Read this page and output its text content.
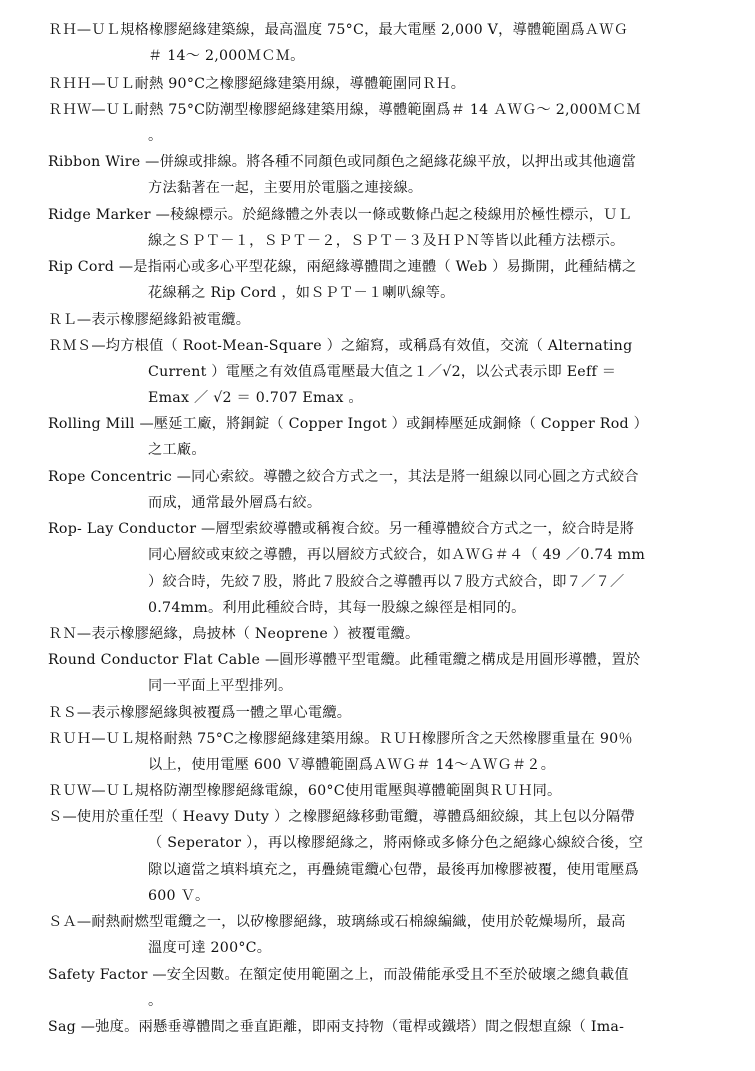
ＲＨ—ＵＬ規格橡膠絕緣建築線，最高溫度 75°C，最大電壓 2,000 V，導體範圍爲ＡＷＧ
＃ 14～ 2,000ＭＣＭ。
ＲＨＨ—ＵＬ耐熱 90°C之橡膠絕緣建築用線，導體範圍同ＲＨ。
ＲＨＷ—ＵＬ耐熱 75°C防潮型橡膠絕緣建築用線，導體範圍爲＃ 14 ＡＷＧ～ 2,000ＭＣＭ
。
Ribbon Wire —併線或排線。將各種不同顏色或同顏色之絕緣花線平放，以押出或其他適當
方法黏著在一起，主要用於電腦之連接線。
Ridge Marker —稜線標示。於絕緣體之外表以一條或數條凸起之稜線用於極性標示，ＵＬ
線之ＳＰＴ－１，ＳＰＴ－２，ＳＰＴ－３及ＨＰＮ等皆以此種方法標示。
Rip Cord —是指兩心或多心平型花線，兩絕緣導體間之連體（ Web ）易撕開，此種結構之
花線稱之 Rip Cord ，如ＳＰＴ－１喇叭線等。
ＲＬ—表示橡膠絕緣鉛被電纜。
ＲＭＳ—均方根值（ Root-Mean-Square ）之縮寫，或稱爲有效值，交流（ Alternating
Current ）電壓之有效值爲電壓最大值之１／√2，以公式表示即 Eeff ＝
Emax ／ √2 ＝ 0.707 Emax 。
Rolling Mill —壓延工廠，將銅錠（ Copper Ingot ）或銅棒壓延成銅條（ Copper Rod ）
之工廠。
Rope Concentric —同心索絞。導體之絞合方式之一，其法是將一組線以同心圓之方式絞合
而成，通常最外層爲右絞。
Rop- Lay Conductor —層型索絞導體或稱複合絞。另一種導體絞合方式之一，絞合時是將
同心層絞或束絞之導體，再以層絞方式絞合，如ＡＷＧ＃４（ 49 ／0.74 mm
）絞合時，先絞７股，將此７股絞合之導體再以７股方式絞合，即７／７／
0.74mm。利用此種絞合時，其每一股線之線徑是相同的。
ＲＮ—表示橡膠絕緣，鳥披林（ Neoprene ）被覆電纜。
Round Conductor Flat Cable —圓形導體平型電纜。此種電纜之構成是用圓形導體，置於
同一平面上平型排列。
ＲＳ—表示橡膠絕緣與被覆爲一體之單心電纜。
ＲＵＨ—ＵＬ規格耐熱 75°C之橡膠絕緣建築用線。ＲＵＨ橡膠所含之天然橡膠重量在 90％
以上，使用電壓 600 Ｖ導體範圍爲ＡＷＧ＃ 14～ＡＷＧ＃２。
ＲＵＷ—ＵＬ規格防潮型橡膠絕緣電線，60°C使用電壓與導體範圍與ＲＵＨ同。
Ｓ—使用於重任型（ Heavy Duty ）之橡膠絕緣移動電纜，導體爲細絞線，其上包以分隔帶
（ Seperator ），再以橡膠絕緣之，將兩條或多條分色之絕緣心線絞合後，空
隙以適當之填料填充之，再疊繞電纜心包帶，最後再加橡膠被覆，使用電壓爲
600 Ｖ。
ＳＡ—耐熱耐燃型電纜之一，以矽橡膠絕緣，玻璃絲或石棉線編織，使用於乾燥場所，最高
溫度可達 200°C。
Safety Factor —安全因數。在額定使用範圍之上，而設備能承受且不至於破壞之總負載值
。
Sag —弛度。兩懸垂導體間之垂直距離，即兩支持物（電桿或鐵塔）間之假想直線（ Ima-
